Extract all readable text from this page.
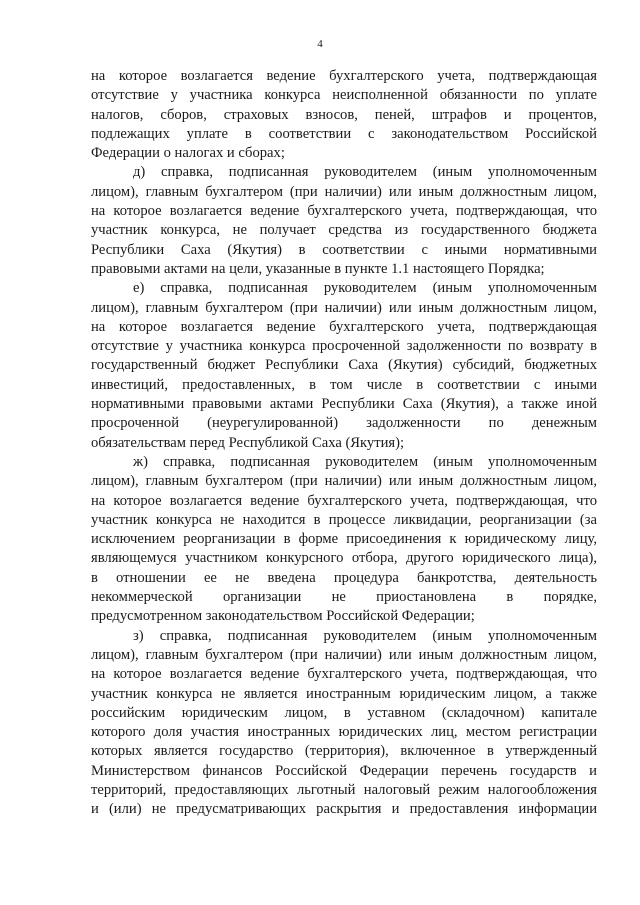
4
на которое возлагается ведение бухгалтерского учета, подтверждающая
отсутствие у участника конкурса неисполненной обязанности по уплате
налогов, сборов, страховых взносов, пеней, штрафов и процентов,
подлежащих уплате в соответствии с законодательством Российской
Федерации о налогах и сборах;
д) справка, подписанная руководителем (иным уполномоченным
лицом), главным бухгалтером (при наличии) или иным должностным лицом,
на которое возлагается ведение бухгалтерского учета, подтверждающая, что
участник конкурса, не получает средства из государственного бюджета
Республики Саха (Якутия) в соответствии с иными нормативными
правовыми актами на цели, указанные в пункте 1.1 настоящего Порядка;
е) справка, подписанная руководителем (иным уполномоченным
лицом), главным бухгалтером (при наличии) или иным должностным лицом,
на которое возлагается ведение бухгалтерского учета, подтверждающая
отсутствие у участника конкурса просроченной задолженности по возврату в
государственный бюджет Республики Саха (Якутия) субсидий, бюджетных
инвестиций, предоставленных, в том числе в соответствии с иными
нормативными правовыми актами Республики Саха (Якутия), а также иной
просроченной (неурегулированной) задолженности по денежным
обязательствам перед Республикой Саха (Якутия);
ж) справка, подписанная руководителем (иным уполномоченным
лицом), главным бухгалтером (при наличии) или иным должностным лицом,
на которое возлагается ведение бухгалтерского учета, подтверждающая, что
участник конкурса не находится в процессе ликвидации, реорганизации (за
исключением реорганизации в форме присоединения к юридическому лицу,
являющемуся участником конкурсного отбора, другого юридического лица),
в отношении ее не введена процедура банкротства, деятельность
некоммерческой организации не приостановлена в порядке,
предусмотренном законодательством Российской Федерации;
з) справка, подписанная руководителем (иным уполномоченным
лицом), главным бухгалтером (при наличии) или иным должностным лицом,
на которое возлагается ведение бухгалтерского учета, подтверждающая, что
участник конкурса не является иностранным юридическим лицом, а также
российским юридическим лицом, в уставном (складочном) капитале
которого доля участия иностранных юридических лиц, местом регистрации
которых является государство (территория), включенное в утвержденный
Министерством финансов Российской Федерации перечень государств и
территорий, предоставляющих льготный налоговый режим налогообложения
и (или) не предусматривающих раскрытия и предоставления информации
